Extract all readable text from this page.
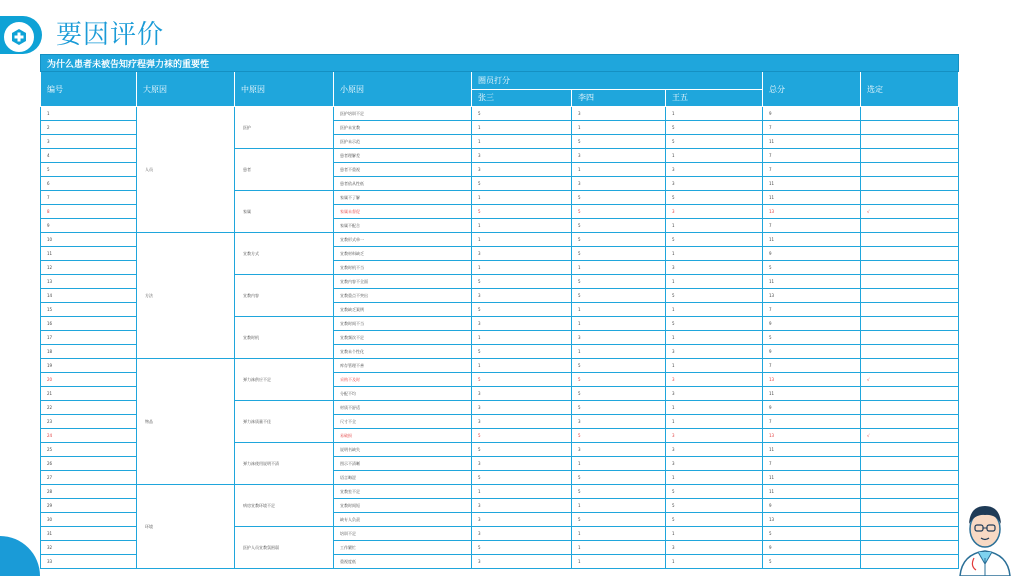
要因评价
为什么患者未被告知疗程弹力袜的重要性								
编号	大原因	中原因	小原因	圈员打分			总分	选定
				张三	李四	王五		
1	人员	医护	医护培训不足	5	3	1	9	
2			医护未宣教	1	1	5	7	
3			医护未示范	1	5	5	11	
4		患者	患者理解差	3	3	1	7	
5			患者不重视	3	1	3	7	
6			患者依从性低	5	3	3	11	
7		家属	家属不了解	1	5	5	11	
8			家属未督促	5	5	3	13	√
9			家属不配合	1	5	1	7	
10	方法	宣教方式	宣教形式单一	1	5	5	11	
11			宣教材料缺乏	3	5	1	9	
12			宣教时机不当	1	1	3	5	
13		宣教内容	宣教内容不全面	5	5	1	11	
14			宣教重点不突出	3	5	5	13	
15			宣教缺乏案例	5	1	1	7	
16		宣教时机	宣教时间不当	3	1	5	9	
17			宣教频次不足	1	3	1	5	
18			宣教未个性化	5	1	3	9	
19	物品	弹力袜供应不足	库存管理不善	1	5	1	7	
20			采购不及时	5	5	3	13	√
21			分配不均	3	5	3	11	
22		弹力袜质量不佳	材质不舒适	3	5	1	9	
23			尺寸不全	3	3	1	7	
24			易破损	5	5	3	13	√
25		弹力袜使用说明不清	说明书缺失	5	3	3	11	
26			图示不清晰	3	1	3	7	
27			语言晦涩	5	5	1	11	
28	环境	病房宣教环境不足	宣教室不足	1	5	5	11	
29			宣教时间短	3	1	5	9	
30			缺专人负责	3	5	5	13	
31		医护人员宣教氛围弱	培训不足	3	1	1	5	
32			工作繁忙	5	1	3	9	
33			重视度低	3	1	1	5	
